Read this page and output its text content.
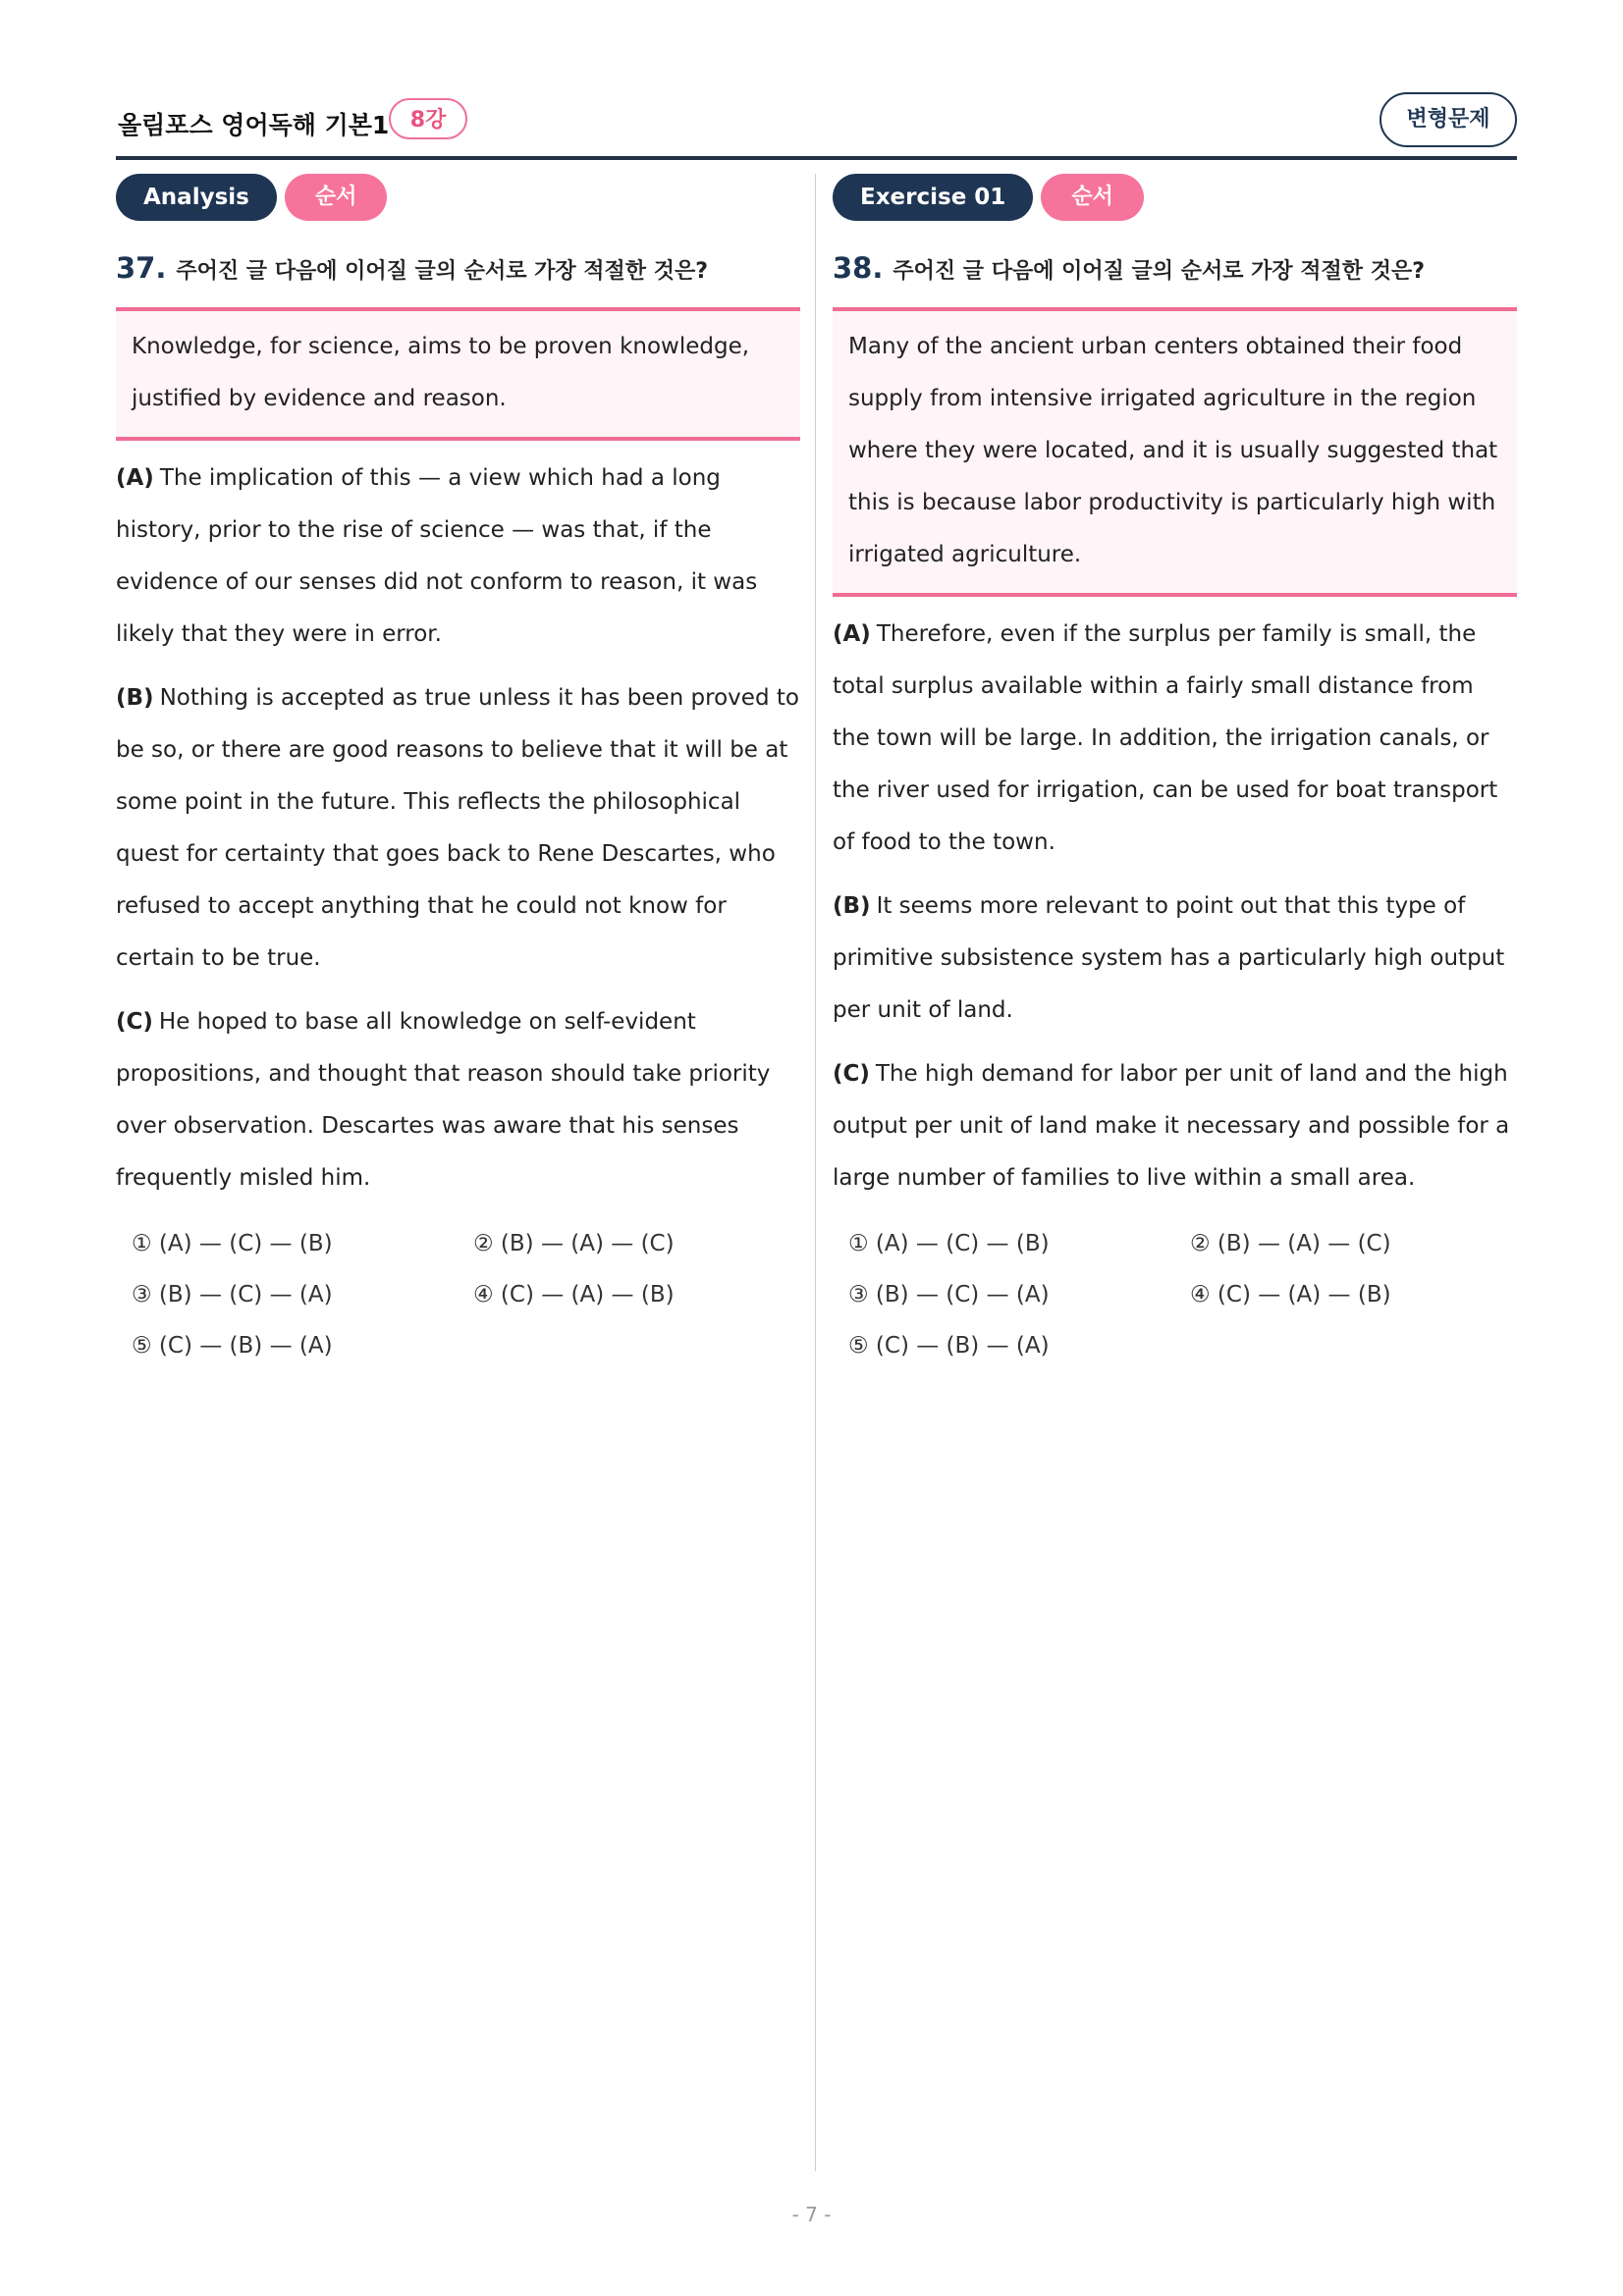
올림포스 영어독해 기본1 8강	변형문제
Analysis	순서
37. 주어진 글 다음에 이어질 글의 순서로 가장 적절한 것은?
Knowledge, for science, aims to be proven knowledge, justified by evidence and reason.
(A) The implication of this — a view which had a long history, prior to the rise of science — was that, if the evidence of our senses did not conform to reason, it was likely that they were in error.
(B) Nothing is accepted as true unless it has been proved to be so, or there are good reasons to believe that it will be at some point in the future. This reflects the philosophical quest for certainty that goes back to Rene Descartes, who refused to accept anything that he could not know for certain to be true.
(C) He hoped to base all knowledge on self-evident propositions, and thought that reason should take priority over observation. Descartes was aware that his senses frequently misled him.
① (A) — (C) — (B)	② (B) — (A) — (C)
③ (B) — (C) — (A)	④ (C) — (A) — (B)
⑤ (C) — (B) — (A)
Exercise 01	순서
38. 주어진 글 다음에 이어질 글의 순서로 가장 적절한 것은?
Many of the ancient urban centers obtained their food supply from intensive irrigated agriculture in the region where they were located, and it is usually suggested that this is because labor productivity is particularly high with irrigated agriculture.
(A) Therefore, even if the surplus per family is small, the total surplus available within a fairly small distance from the town will be large. In addition, the irrigation canals, or the river used for irrigation, can be used for boat transport of food to the town.
(B) It seems more relevant to point out that this type of primitive subsistence system has a particularly high output per unit of land.
(C) The high demand for labor per unit of land and the high output per unit of land make it necessary and possible for a large number of families to live within a small area.
① (A) — (C) — (B)	② (B) — (A) — (C)
③ (B) — (C) — (A)	④ (C) — (A) — (B)
⑤ (C) — (B) — (A)
- 7 -
